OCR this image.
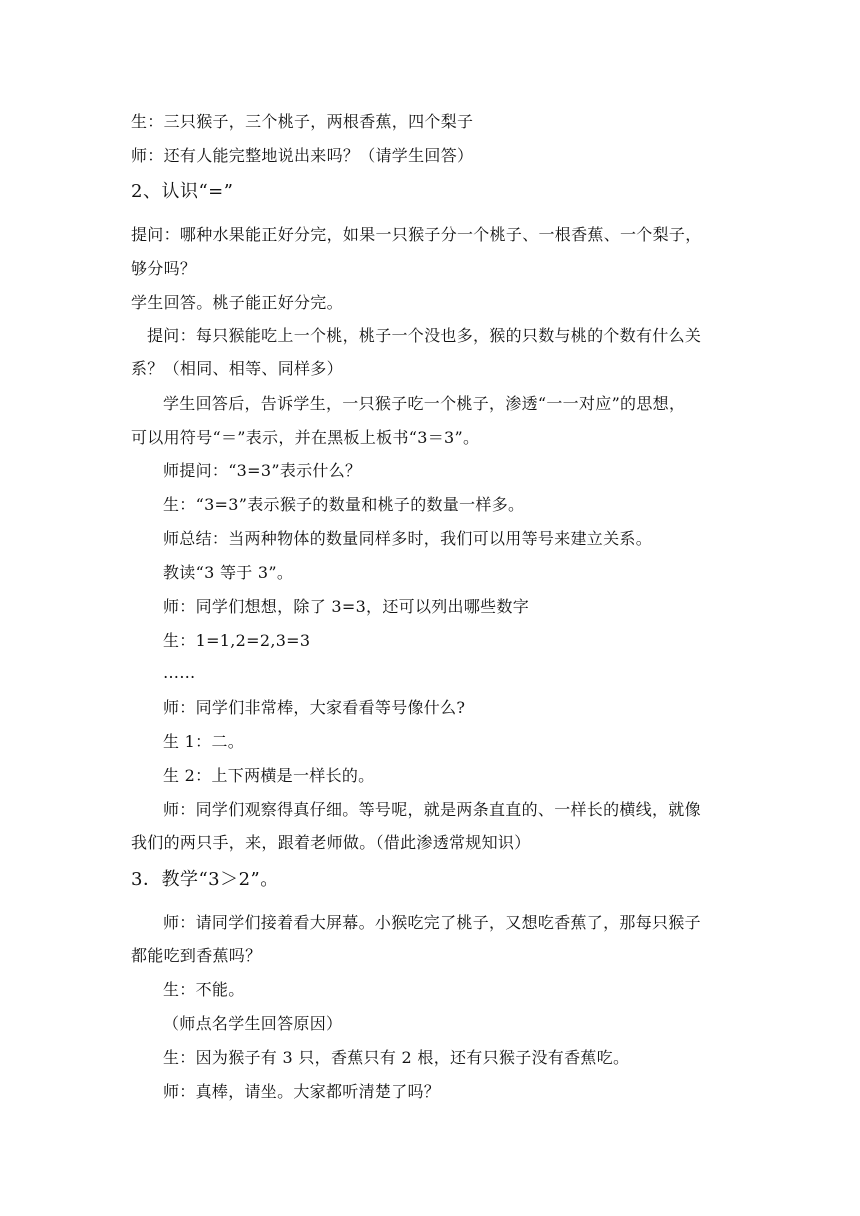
生：三只猴子，三个桃子，两根香蕉，四个梨子
师：还有人能完整地说出来吗？（请学生回答）
2、认识“=”
提问：哪种水果能正好分完，如果一只猴子分一个桃子、一根香蕉、一个梨子，
够分吗？
学生回答。桃子能正好分完。
提问：每只猴能吃上一个桃，桃子一个没也多，猴的只数与桃的个数有什么关
系？（相同、相等、同样多）
学生回答后，告诉学生，一只猴子吃一个桃子，渗透“一一对应”的思想，
可以用符号“＝”表示，并在黑板上板书“3＝3”。
师提问：“3=3”表示什么？
生：“3=3”表示猴子的数量和桃子的数量一样多。
师总结：当两种物体的数量同样多时，我们可以用等号来建立关系。
教读“3 等于 3”。
师：同学们想想，除了 3=3，还可以列出哪些数字
生：1=1,2=2,3=3
……
师：同学们非常棒，大家看看等号像什么?
生 1：二。
生 2：上下两横是一样长的。
师：同学们观察得真仔细。等号呢，就是两条直直的、一样长的横线，就像
我们的两只手，来，跟着老师做。（借此渗透常规知识）
3．教学“3＞2”。
师：请同学们接着看大屏幕。小猴吃完了桃子，又想吃香蕉了，那每只猴子
都能吃到香蕉吗？
生：不能。
（师点名学生回答原因）
生：因为猴子有 3 只，香蕉只有 2 根，还有只猴子没有香蕉吃。
师：真棒，请坐。大家都听清楚了吗？
